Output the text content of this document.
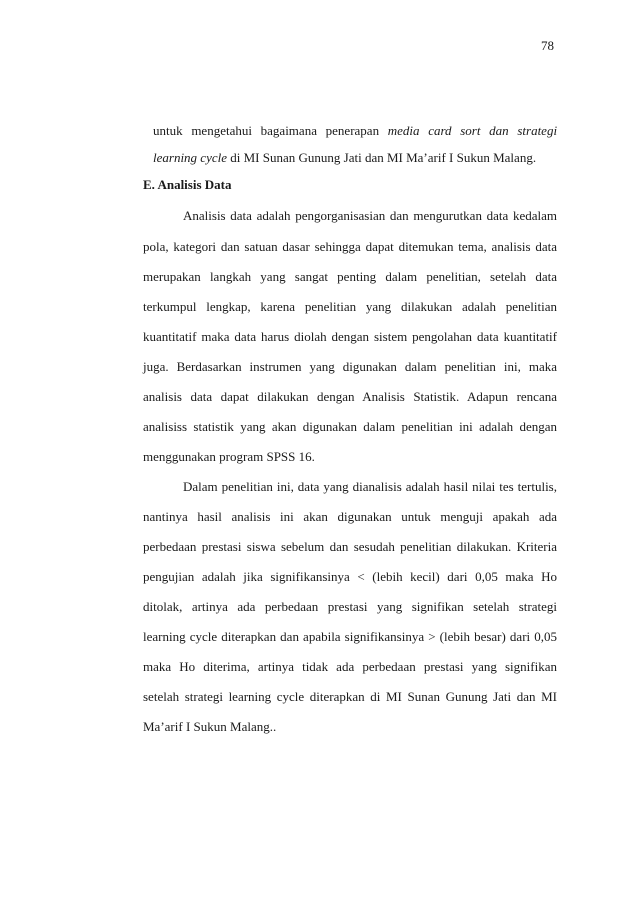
78
untuk mengetahui bagaimana penerapan media card sort dan strategi
learning cycle di MI Sunan Gunung Jati dan MI Ma’arif I Sukun Malang.
E. Analisis Data
Analisis data adalah pengorganisasian dan mengurutkan data kedalam
pola, kategori dan satuan dasar sehingga dapat ditemukan tema, analisis data
merupakan langkah yang sangat penting dalam penelitian, setelah data
terkumpul lengkap, karena penelitian yang dilakukan adalah penelitian
kuantitatif maka data harus diolah dengan sistem pengolahan data kuantitatif
juga. Berdasarkan instrumen yang digunakan dalam penelitian ini, maka
analisis data dapat dilakukan dengan Analisis Statistik. Adapun rencana
analisiss statistik yang akan digunakan dalam penelitian ini adalah dengan
menggunakan program SPSS 16.
Dalam penelitian ini, data yang dianalisis adalah hasil nilai tes tertulis,
nantinya hasil analisis ini akan digunakan untuk menguji apakah ada
perbedaan prestasi siswa sebelum dan sesudah penelitian dilakukan. Kriteria
pengujian adalah jika signifikansinya < (lebih kecil) dari 0,05 maka Ho
ditolak, artinya ada perbedaan prestasi yang signifikan setelah strategi
learning cycle diterapkan dan apabila signifikansinya > (lebih besar) dari 0,05
maka Ho diterima, artinya tidak ada perbedaan prestasi yang signifikan
setelah strategi learning cycle diterapkan di MI Sunan Gunung Jati dan MI
Ma’arif I Sukun Malang..
